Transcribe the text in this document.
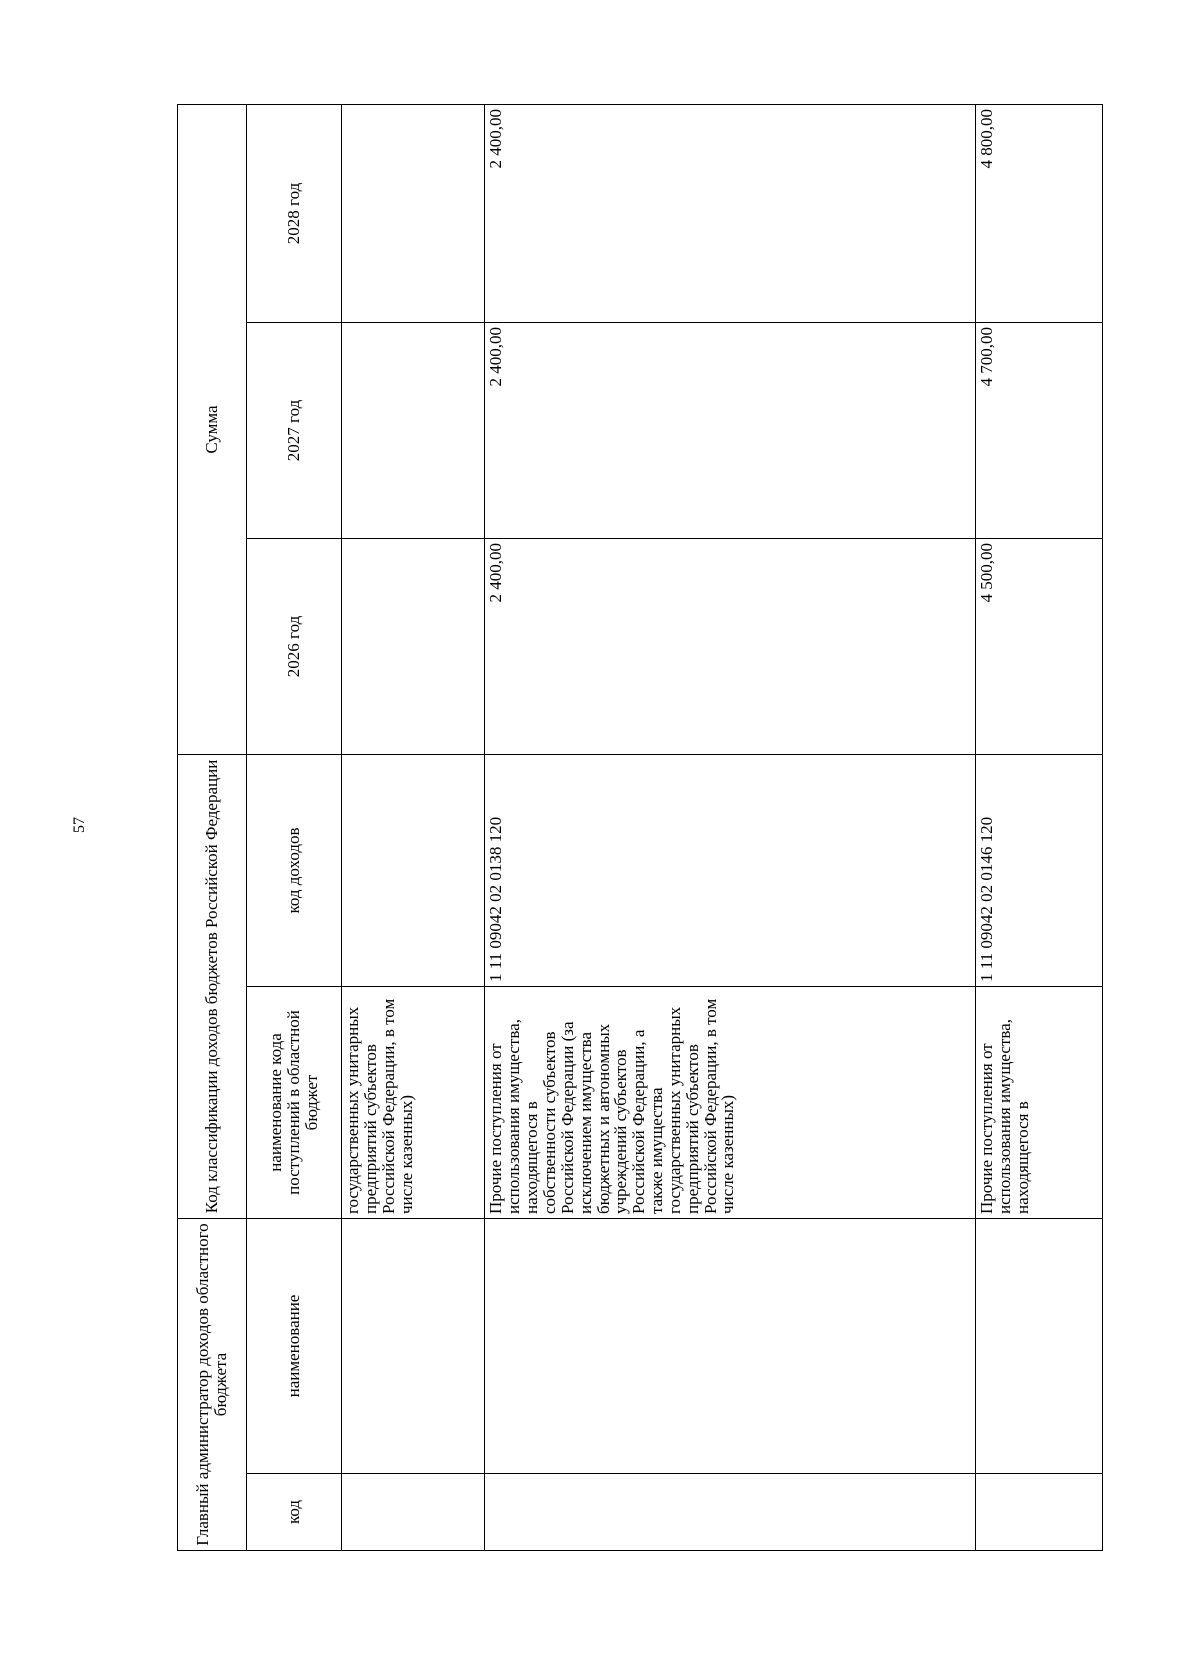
57
Главный администратор доходов областного бюджета		Код классификации доходов бюджетов Российской Федерации		Сумма		
код	наименование	наименование кода поступлений в областной бюджет	код доходов	2026 год	2027 год	2028 год
		государственных унитарных предприятий субъектов Российской Федерации, в том числе казенных)				
		Прочие поступления от использования имущества, находящегося в собственности субъектов Российской Федерации (за исключением имущества бюджетных и автономных учреждений субъектов Российской Федерации, а также имущества государственных унитарных предприятий субъектов Российской Федерации, в том числе казенных)	1 11 09042 02 0138 120	2 400,00	2 400,00	2 400,00
		Прочие поступления от использования имущества, находящегося в	1 11 09042 02 0146 120	4 500,00	4 700,00	4 800,00
